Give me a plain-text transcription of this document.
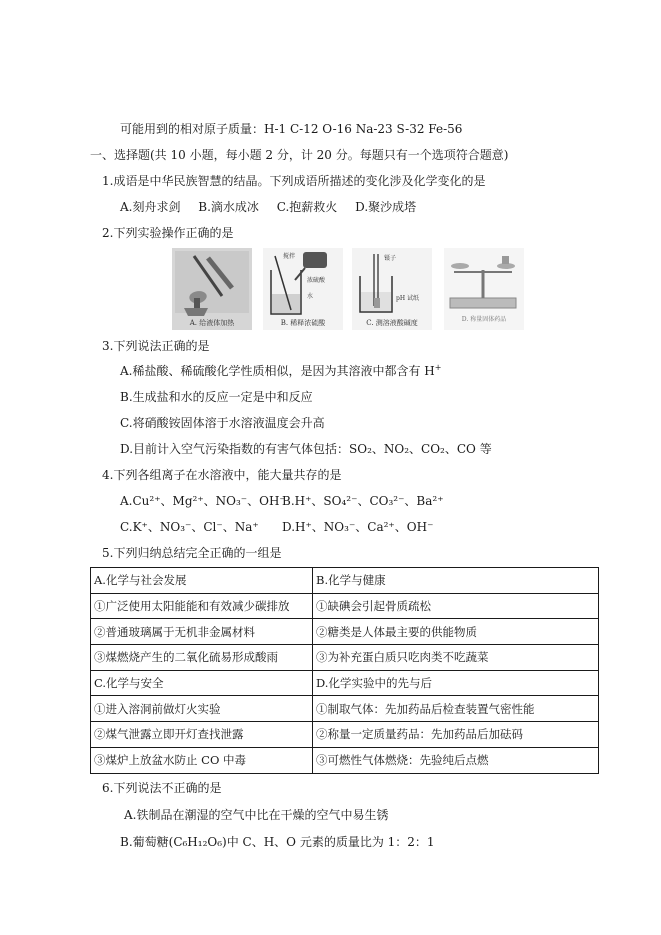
可能用到的相对原子质量：H-1 C-12 O-16 Na-23 S-32 Fe-56
一、选择题(共 10 小题，每小题 2 分，计 20 分。每题只有一个选项符合题意)
1.成语是中华民族智慧的结晶。下列成语所描述的变化涉及化学变化的是
A.刻舟求剑 B.滴水成冰 C.抱薪救火 D.聚沙成塔
2.下列实验操作正确的是
A. 给液体加热
搅拌
浓硫酸
水
B. 稀释浓硫酸
镊子
pH 试纸
C. 测溶液酸碱度	D. 称量固体药品
3.下列说法正确的是
A.稀盐酸、稀硫酸化学性质相似，是因为其溶液中都含有 H+
B.生成盐和水的反应一定是中和反应
C.将硝酸铵固体溶于水溶液温度会升高
D.目前计入空气污染指数的有害气体包括：SO₂、NO₂、CO₂、CO 等
4.下列各组离子在水溶液中，能大量共存的是
A.Cu²⁺、Mg²⁺、NO₃⁻、OH⁻
B.H⁺、SO₄²⁻、CO₃²⁻、Ba²⁺
C.K⁺、NO₃⁻、Cl⁻、Na⁺ D.H⁺、NO₃⁻、Ca²⁺、OH⁻
5.下列归纳总结完全正确的一组是
A.化学与社会发展	B.化学与健康
①广泛使用太阳能能和有效减少碳排放	①缺碘会引起骨质疏松
②普通玻璃属于无机非金属材料	②糖类是人体最主要的供能物质
③煤燃烧产生的二氧化硫易形成酸雨	③为补充蛋白质只吃肉类不吃蔬菜
C.化学与安全	D.化学实验中的先与后
①进入溶洞前做灯火实验	①制取气体：先加药品后检查装置气密性能
②煤气泄露立即开灯查找泄露	②称量一定质量药品：先加药品后加砝码
③煤炉上放盆水防止 CO 中毒	③可燃性气体燃烧：先验纯后点燃
6.下列说法不正确的是
A.铁制品在潮湿的空气中比在干燥的空气中易生锈
B.葡萄糖(C₆H₁₂O₆)中 C、H、O 元素的质量比为 1：2：1
